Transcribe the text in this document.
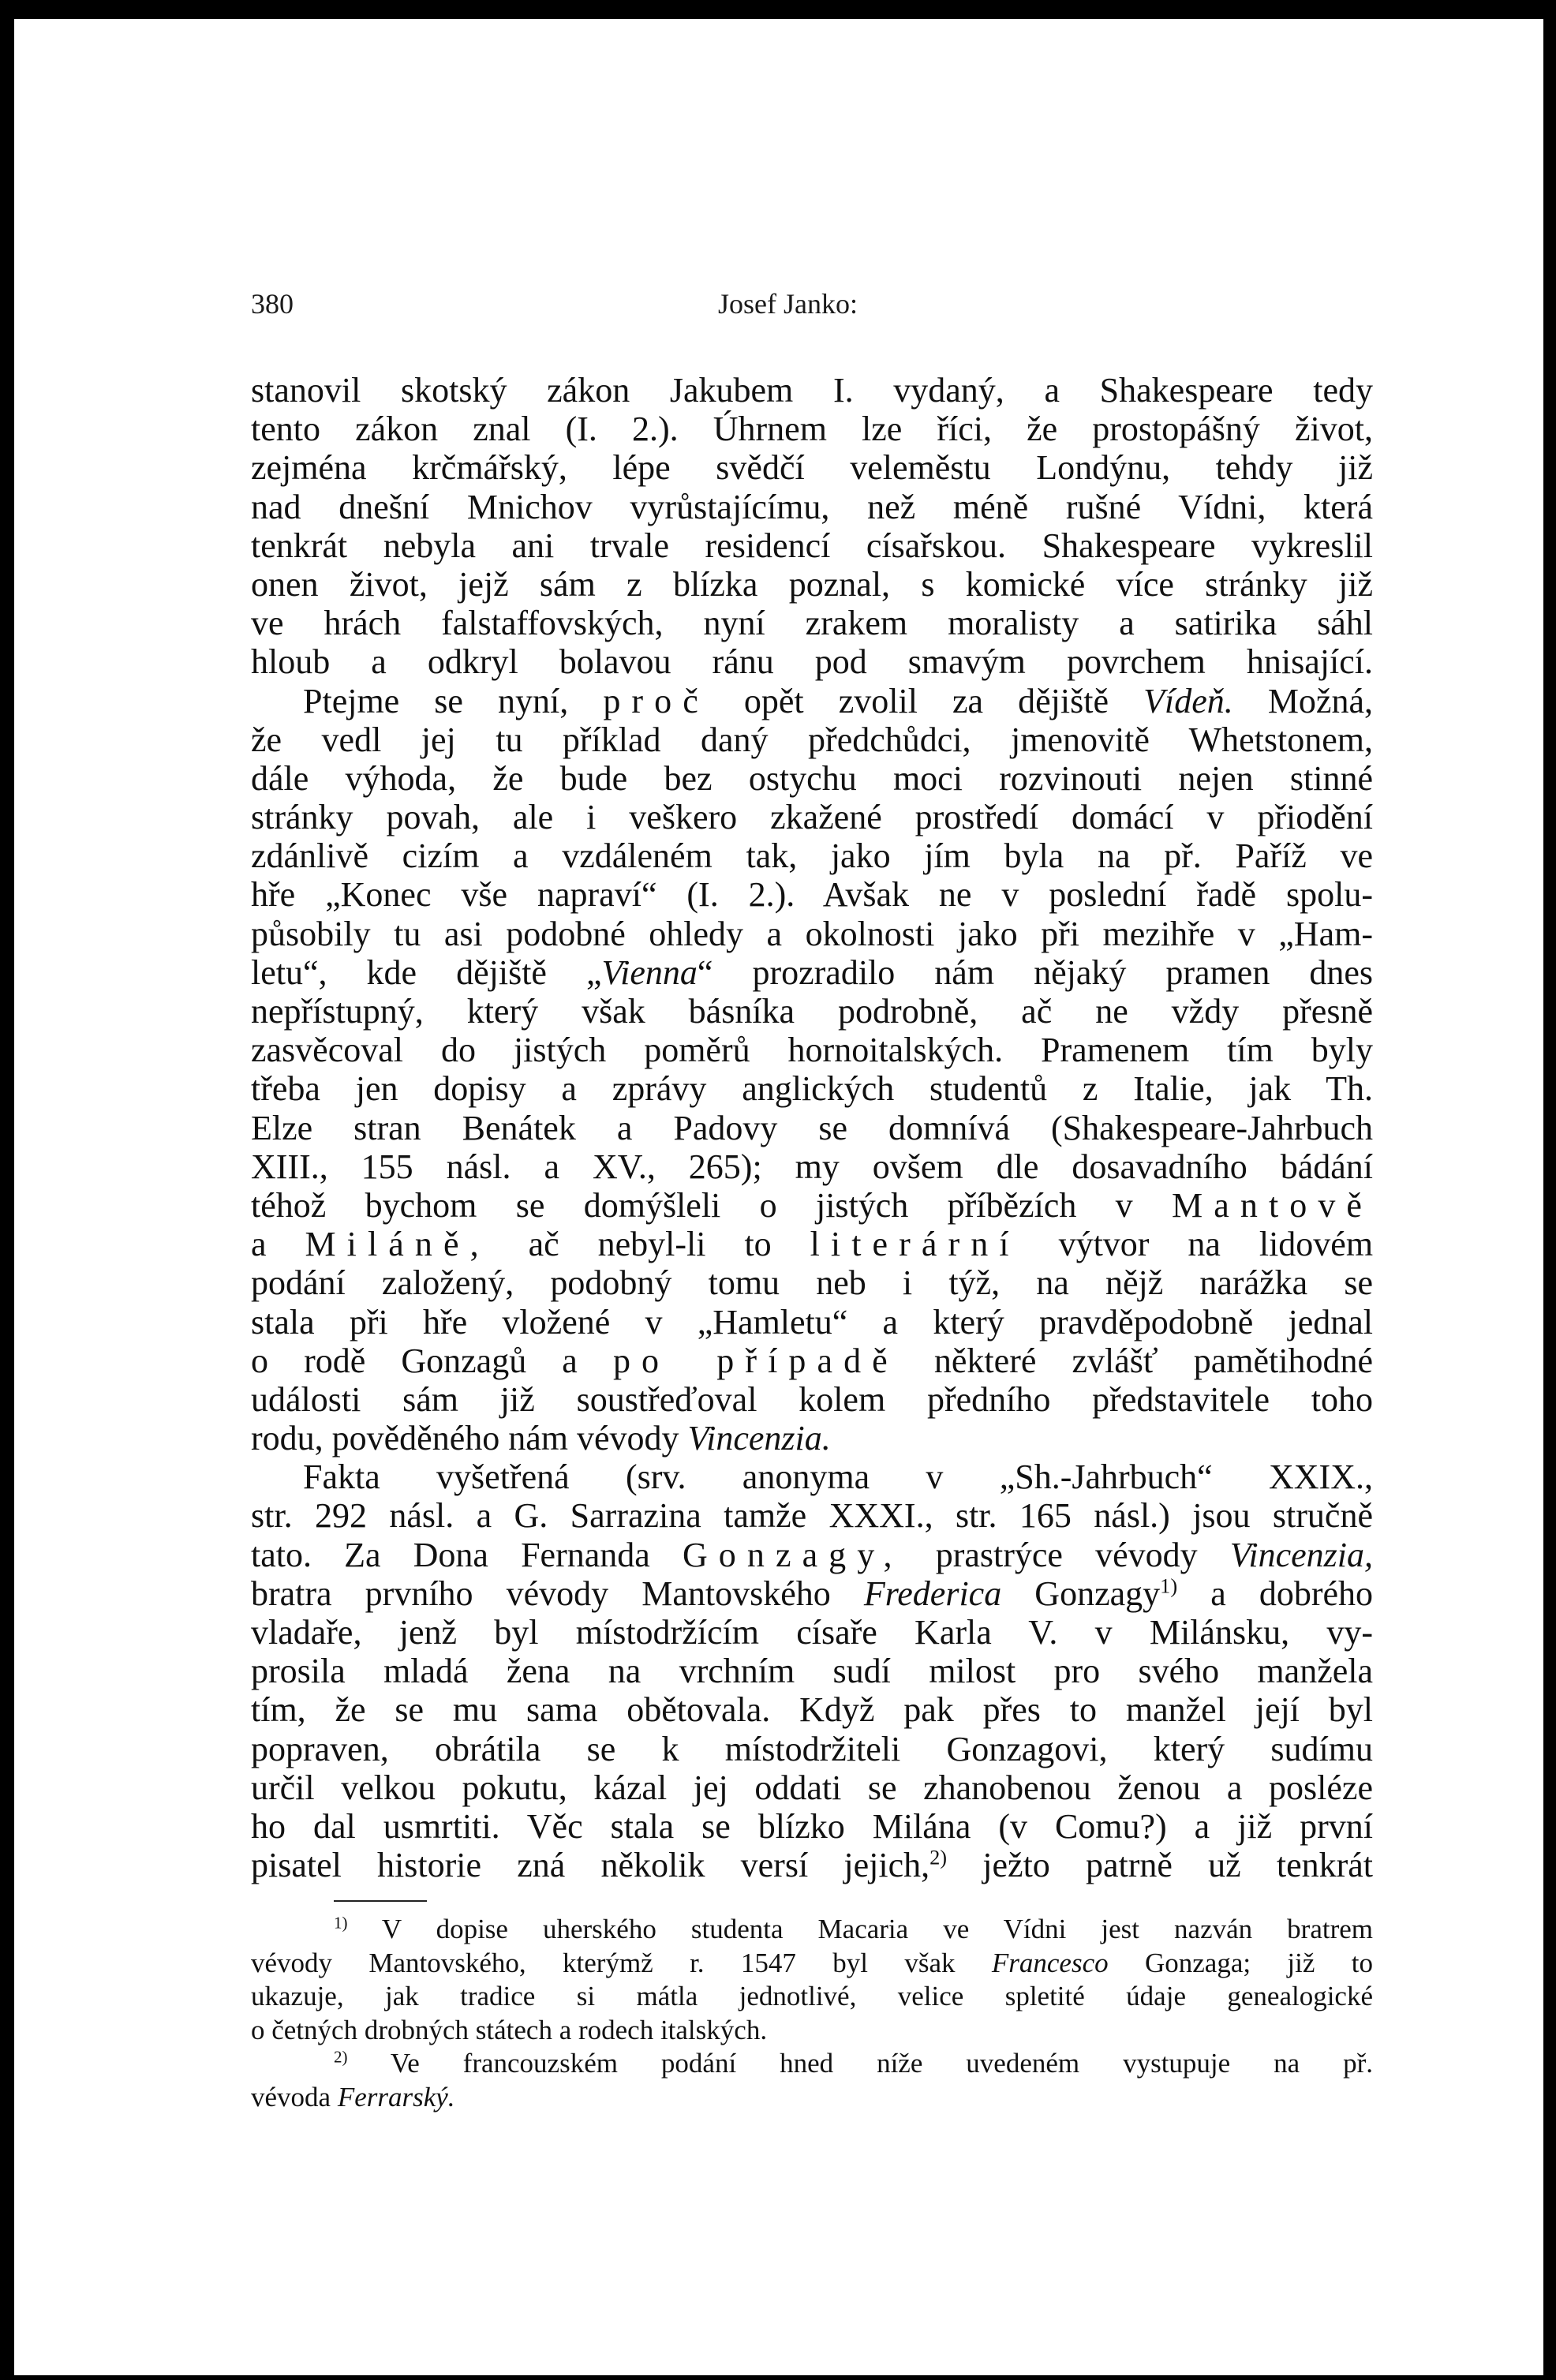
380	Josef Janko:
stanovil skotský zákon Jakubem I. vydaný, a Shakespeare tedy
tento zákon znal (I. 2.). Úhrnem lze říci, že prostopášný život,
zejména krčmářský, lépe svědčí veleměstu Londýnu, tehdy již
nad dnešní Mnichov vyrůstajícímu, než méně rušné Vídni, která
tenkrát nebyla ani trvale residencí císařskou. Shakespeare vykreslil
onen život, jejž sám z blízka poznal, s komické více stránky již
ve hrách falstaffovských, nyní zrakem moralisty a satirika sáhl
hloub a odkryl bolavou ránu pod smavým povrchem hnisající.
  Ptejme se nyní, proč opět zvolil za dějiště Vídeň. Možná,
že vedl jej tu příklad daný předchůdci, jmenovitě Whetstonem,
dále výhoda, že bude bez ostychu moci rozvinouti nejen stinné
stránky povah, ale i veškero zkažené prostředí domácí v přiodění
zdánlivě cizím a vzdáleném tak, jako jím byla na př. Paříž ve
hře „Konec vše napraví“ (I. 2.). Avšak ne v poslední řadě spolu-
působily tu asi podobné ohledy a okolnosti jako při mezihře v „Ham-
letu“, kde dějiště „Vienna“ prozradilo nám nějaký pramen dnes
nepřístupný, který však básníka podrobně, ač ne vždy přesně
zasvěcoval do jistých poměrů hornoitalských. Pramenem tím byly
třeba jen dopisy a zprávy anglických studentů z Italie, jak Th.
Elze stran Benátek a Padovy se domnívá (Shakespeare-Jahrbuch
XIII., 155 násl. a XV., 265); my ovšem dle dosavadního bádání
téhož bychom se domýšleli o jistých příbězích v Mantově
a Miláně, ač nebyl-li to literární výtvor na lidovém
podání založený, podobný tomu neb i týž, na nějž narážka se
stala při hře vložené v „Hamletu“ a který pravděpodobně jednal
o rodě Gonzagů a po případě některé zvlášť pamětihodné
události sám již soustřeďoval kolem předního představitele toho
rodu, pověděného nám vévody Vincenzia.
  Fakta vyšetřená (srv. anonyma v „Sh.-Jahrbuch“ XXIX.,
str. 292 násl. a G. Sarrazina tamže XXXI., str. 165 násl.) jsou stručně
tato. Za Dona Fernanda Gonzagy, prastrýce vévody Vincenzia,
bratra prvního vévody Mantovského Frederica Gonzagy$^{1)}$ a dobrého
vladaře, jenž byl místodržícím císaře Karla V. v Milánsku, vy-
prosila mladá žena na vrchním sudí milost pro svého manžela
tím, že se mu sama obětovala. Když pak přes to manžel její byl
popraven, obrátila se k místodržiteli Gonzagovi, který sudímu
určil velkou pokutu, kázal jej oddati se zhanobenou ženou a posléze
ho dal usmrtiti. Věc stala se blízko Milána (v Comu?) a již první
pisatel historie zná několik versí jejich,$^{2)}$ ježto patrně už tenkrát
$^{1)}$ V dopise uherského studenta Macaria ve Vídni jest nazván bratrem
vévody Mantovského, kterýmž r. 1547 byl však Francesco Gonzaga; již to
ukazuje, jak tradice si mátla jednotlivé, velice spletité údaje genealogické
o četných drobných státech a rodech italských.
$^{2)}$ Ve francouzském podání hned níže uvedeném vystupuje na př.
vévoda Ferrarský.
